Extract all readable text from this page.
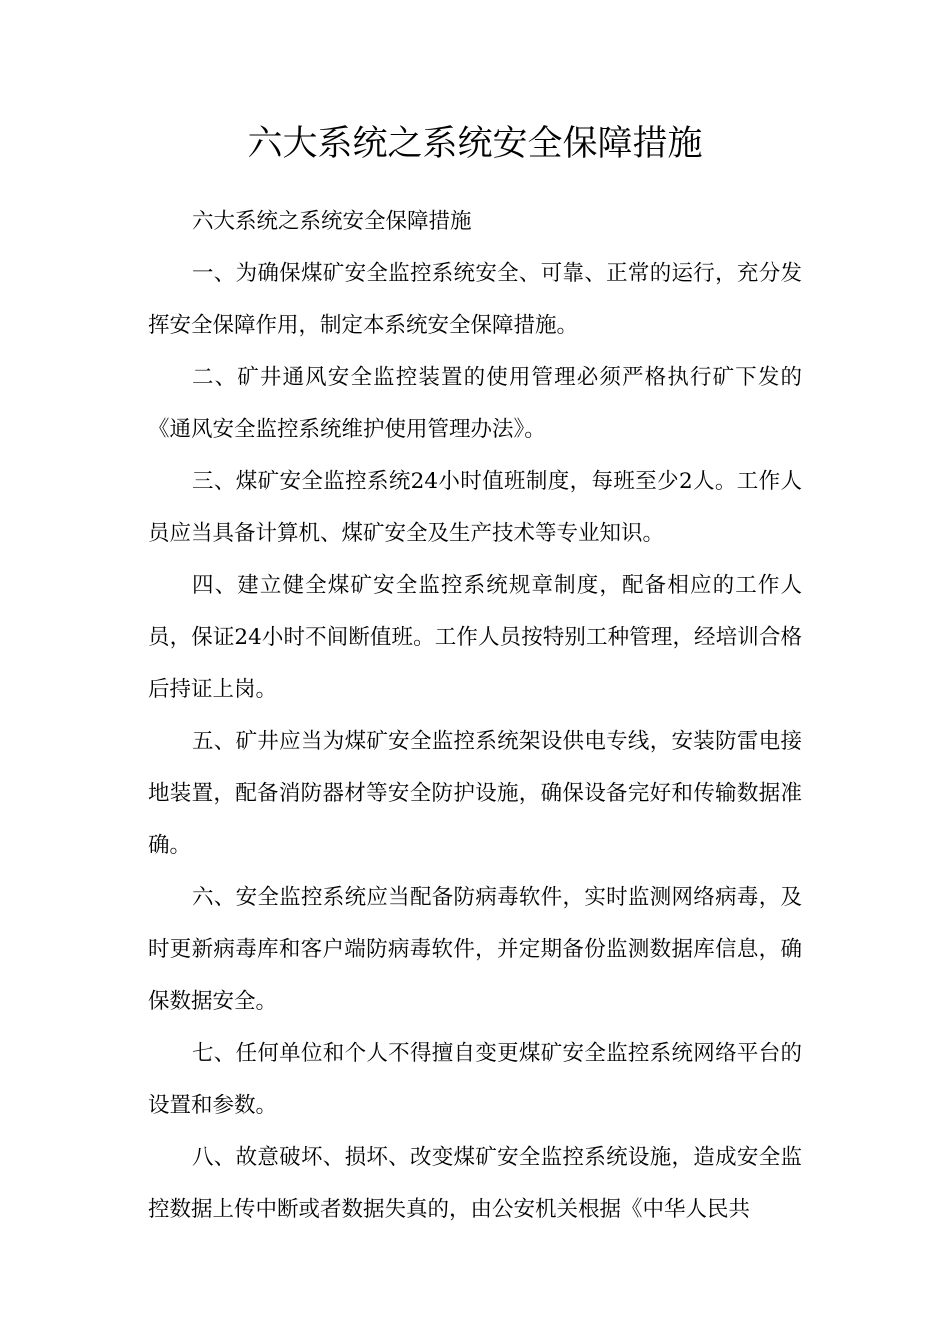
六大系统之系统安全保障措施

六大系统之系统安全保障措施

一、为确保煤矿安全监控系统安全、可靠、正常的运行，充分发挥安全保障作用，制定本系统安全保障措施。

二、矿井通风安全监控装置的使用管理必须严格执行矿下发的《通风安全监控系统维护使用管理办法》。

三、煤矿安全监控系统24小时值班制度，每班至少2人。工作人员应当具备计算机、煤矿安全及生产技术等专业知识。

四、建立健全煤矿安全监控系统规章制度，配备相应的工作人员，保证24小时不间断值班。工作人员按特别工种管理，经培训合格后持证上岗。

五、矿井应当为煤矿安全监控系统架设供电专线，安装防雷电接地装置，配备消防器材等安全防护设施，确保设备完好和传输数据准确。

六、安全监控系统应当配备防病毒软件，实时监测网络病毒，及时更新病毒库和客户端防病毒软件，并定期备份监测数据库信息，确保数据安全。

七、任何单位和个人不得擅自变更煤矿安全监控系统网络平台的设置和参数。

八、故意破坏、损坏、改变煤矿安全监控系统设施，造成安全监控数据上传中断或者数据失真的，由公安机关根据《中华人民共
